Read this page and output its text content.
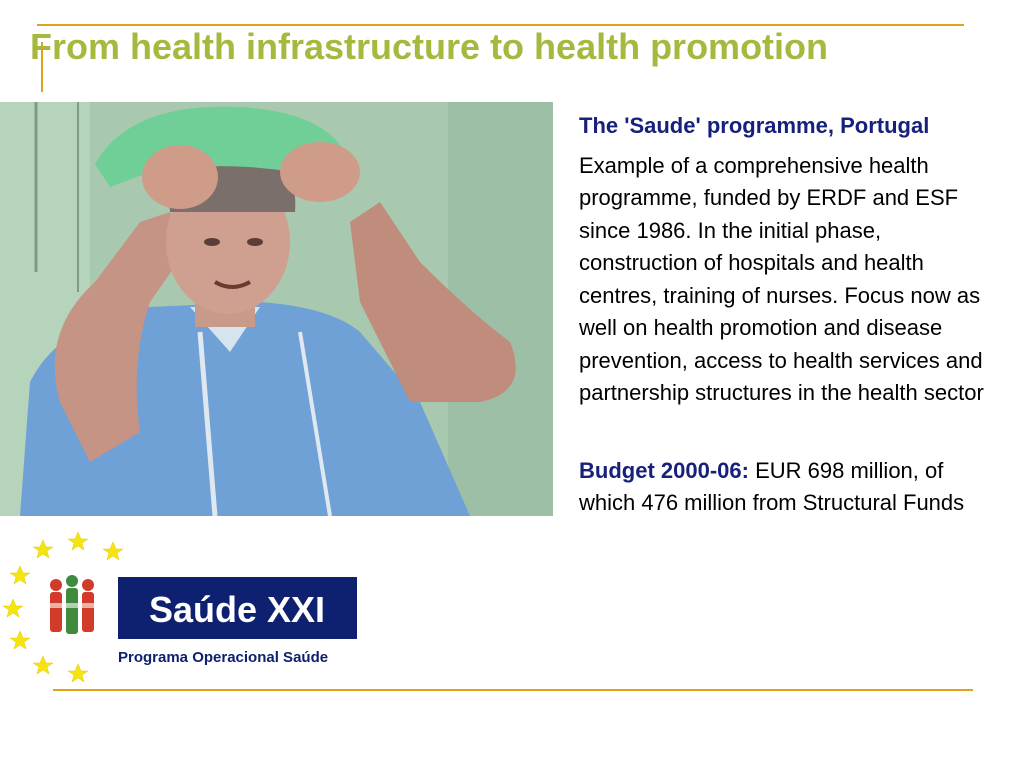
From health infrastructure to health promotion

The 'Saude' programme, Portugal

Example of a comprehensive health programme, funded by ERDF and ESF since 1986. In the initial phase, construction of hospitals and health centres, training of nurses. Focus now as well on health promotion and disease prevention, access to health services and partnership structures in the health sector

Budget 2000-06: EUR 698 million, of which 476 million from Structural Funds

Saúde XXI
Programa Operacional Saúde
